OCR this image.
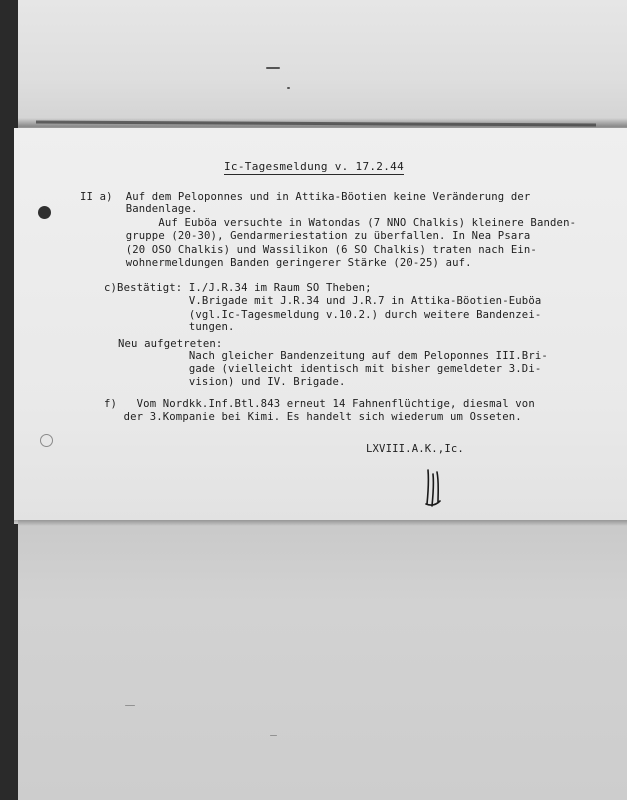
Ic-Tagesmeldung v. 17.2.44
II a)  Auf dem Peloponnes und in Attika-Böotien keine Veränderung der
Bandenlage.
Auf Euböa versuchte in Watondas (7 NNO Chalkis) kleinere Banden-
gruppe (20-30), Gendarmeriestation zu überfallen. In Nea Psara
(20 OSO Chalkis) und Wassilikon (6 SO Chalkis) traten nach Ein-
wohnermeldungen Banden geringerer Stärke (20-25) auf.
c)Bestätigt: I./J.R.34 im Raum SO Theben;
V.Brigade mit J.R.34 und J.R.7 in Attika-Böotien-Euböa
(vgl.Ic-Tagesmeldung v.10.2.) durch weitere Bandenzei-
tungen.
Neu aufgetreten:
Nach gleicher Bandenzeitung auf dem Peloponnes III.Bri-
gade (vielleicht identisch mit bisher gemeldeter 3.Di-
vision) und IV. Brigade.
f)   Vom Nordkk.Inf.Btl.843 erneut 14 Fahnenflüchtige, diesmal von
der 3.Kompanie bei Kimi. Es handelt sich wiederum um Osseten.
LXVIII.A.K.,Ic.
